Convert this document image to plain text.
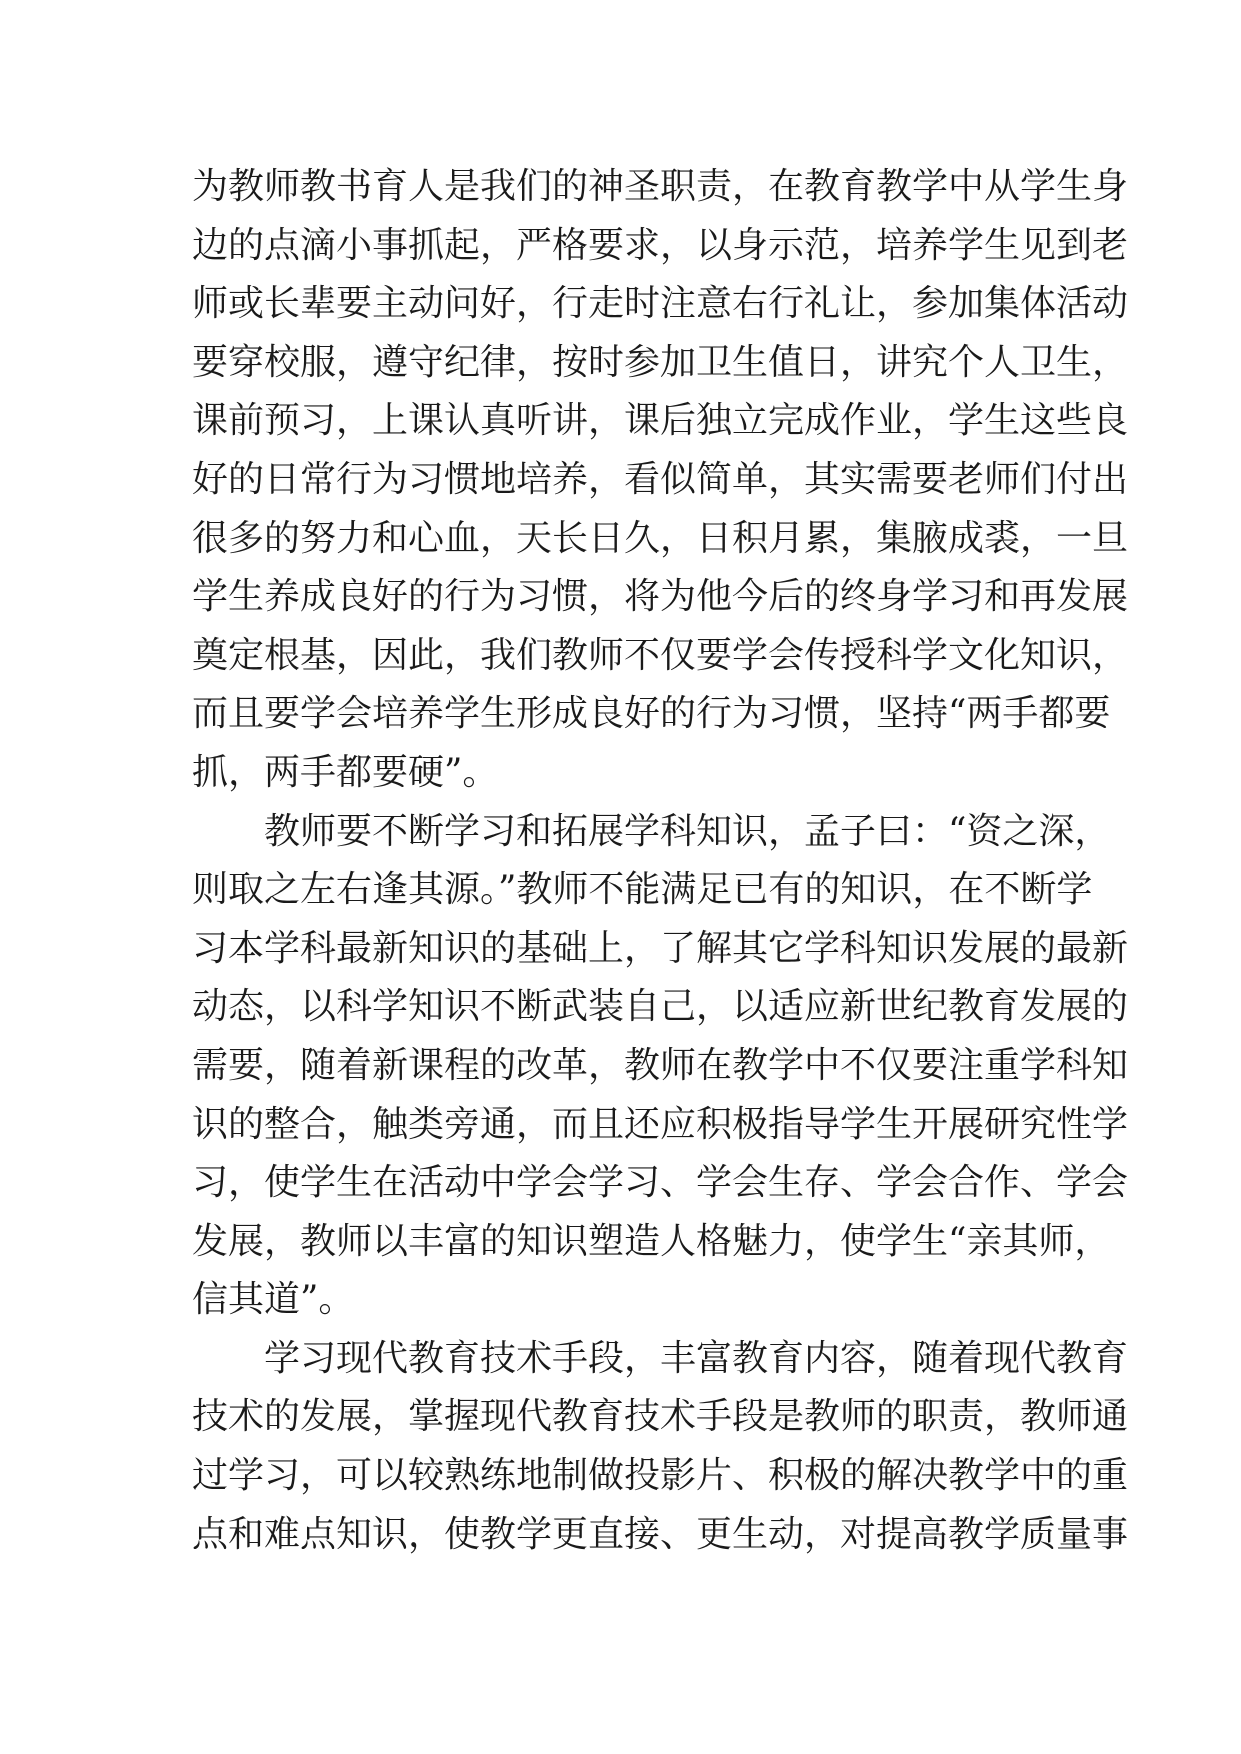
为教师教书育人是我们的神圣职责，在教育教学中从学生身
边的点滴小事抓起，严格要求，以身示范，培养学生见到老
师或长辈要主动问好，行走时注意右行礼让，参加集体活动
要穿校服，遵守纪律，按时参加卫生值日，讲究个人卫生，
课前预习，上课认真听讲，课后独立完成作业，学生这些良
好的日常行为习惯地培养，看似简单，其实需要老师们付出
很多的努力和心血，天长日久，日积月累，集腋成裘，一旦
学生养成良好的行为习惯，将为他今后的终身学习和再发展
奠定根基，因此，我们教师不仅要学会传授科学文化知识，
而且要学会培养学生形成良好的行为习惯，坚持“两手都要
抓，两手都要硬”。
教师要不断学习和拓展学科知识，孟子曰：“资之深，
则取之左右逢其源。”教师不能满足已有的知识，在不断学
习本学科最新知识的基础上，了解其它学科知识发展的最新
动态，以科学知识不断武装自己，以适应新世纪教育发展的
需要，随着新课程的改革，教师在教学中不仅要注重学科知
识的整合，触类旁通，而且还应积极指导学生开展研究性学
习，使学生在活动中学会学习、学会生存、学会合作、学会
发展，教师以丰富的知识塑造人格魅力，使学生“亲其师，
信其道”。
学习现代教育技术手段，丰富教育内容，随着现代教育
技术的发展，掌握现代教育技术手段是教师的职责，教师通
过学习，可以较熟练地制做投影片、积极的解决教学中的重
点和难点知识，使教学更直接、更生动，对提高教学质量事
